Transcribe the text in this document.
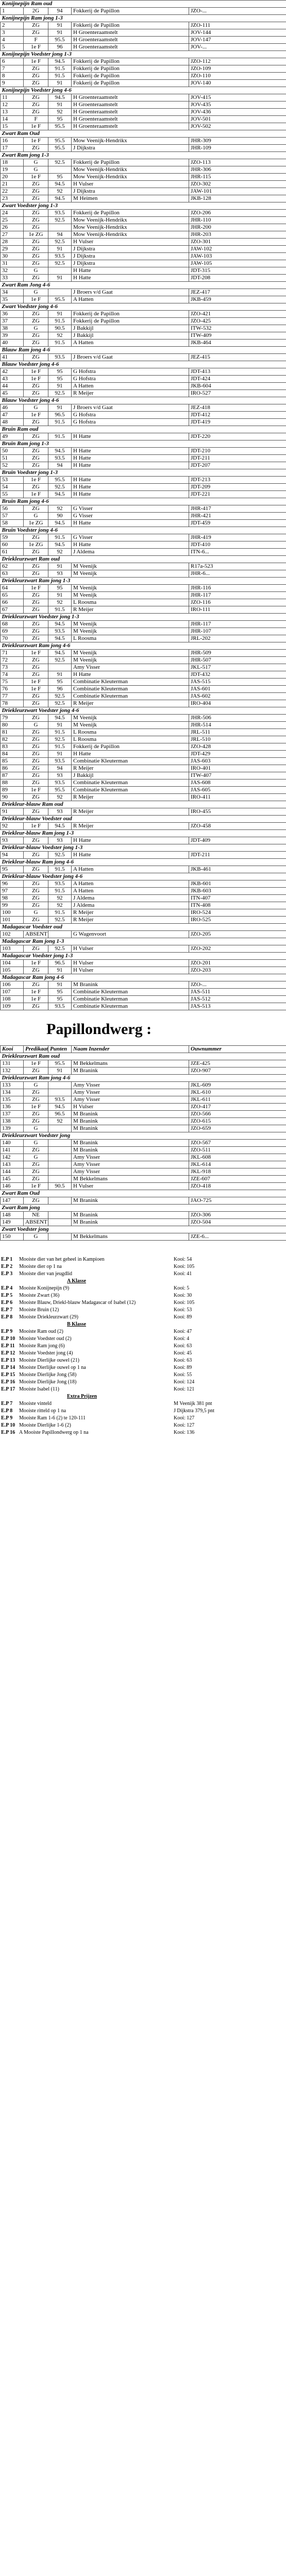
Konijnepijn Ram oud				
1	2G	94	Fokkerij de Papillon	JZO-...
Konijnepijn Ram jong 1-3				
2	ZG	91	Fokkerij de Papillon	JZO-111
3	ZG	91	H Groenteraamstelt	JOV-144
4	F	95.5	H Groenteraamstelt	JOV-147
5	1e F	96	H Groenteraamstelt	JOV-...
Konijnepijn Voedster jong 1-3				
6	1e F	94.5	Fokkerij de Papillon	JZO-112
7	ZG	91.5	Fokkerij de Papillon	JZO-109
8	ZG	91.5	Fokkerij de Papillon	JZO-110
9	ZG	91	Fokkerij de Papillon	JOV-140
Konijnepijn Voedster jong 4-6				
11	ZG	94.5	H Groenteraamstelt	JOV-415
12	ZG	91	H Groenteraamstelt	JOV-435
13	ZG	92	H Groenteraamstelt	JOV-436
14	F	95	H Groenteraamstelt	JOV-501
15	1e F	95.5	H Groenteraamstelt	JOV-502
Zwart Ram Oud				
16	1e F	95.5	Mow Veenijk-Hendrikx	JHR-309
17	ZG	95.5	J Dijkstra	JHR-109
Zwart Ram jong 1-3				
18	G	92.5	Fokkerij de Papillon	JZO-113
19	G		Mow Veenijk-Hendrikx	JHR-306
20	1e F	95	Mow Veenijk-Hendrikx	JHR-115
21	ZG	94.5	H Vulser	JZO-302
22	ZG	92	J Dijkstra	JAW-101
23	ZG	94.5	M Heimen	JKB-128
Zwart Voedster jong 1-3				
24	ZG	93.5	Fokkerij de Papillon	JZO-206
25	ZG	92.5	Mow Veenijk-Hendrikx	JHR-110
26	ZG		Mow Veenijk-Hendrikx	JHR-200
27	1e ZG	94	Mow Veenijk-Hendrikx	JHR-203
28	ZG	92.5	H Vulser	JZO-301
29	ZG	91	J Dijkstra	JAW-102
30	ZG	93.5	J Dijkstra	JAW-103
31	ZG	92.5	J Dijkstra	JAW-105
32	G		H Hatte	JDT-315
33	ZG	91	H Hatte	JDT-208
Zwart Ram Jong 4-6				
34	G		J Broers v/d Gaat	JEZ-417
35	1e F	95.5	A Hatten	JKB-459
Zwart Voedster jong 4-6				
36	ZG	91	Fokkerij de Papillon	JZO-421
37	ZG	91.5	Fokkerij de Papillon	JZO-425
38	G	90.5	J Bakkijl	ITW-532
39	ZG	92	J Bakkijl	ITW-409
40	ZG	91.5	A Hatten	JKB-464
Blauw Ram jong 4-6				
41	ZG	93.5	J Broers v/d Gaat	JEZ-415
Blauw Voedster jong 4-6				
42	1e F	95	G Hofstra	JDT-413
43	1e F	95	G Hofstra	JDT-424
44	ZG	91	A Hatten	JKB-604
45	ZG	92.5	R Meijer	IRO-527
Blauw Voedster jong 4-6				
46	G	91	J Broers v/d Gaat	JEZ-418
47	1e F	96.5	G Hofstra	JDT-412
48	ZG	91.5	G Hofstra	JDT-419
Bruin Ram oud				
49	ZG	91.5	H Hatte	JDT-220
Bruin Ram jong 1-3				
50	ZG	94.5	H Hatte	JDT-210
51	ZG	93.5	H Hatte	JDT-211
52	ZG	94	H Hatte	JDT-207
Bruin Voedster jong 1-3				
53	1e F	95.5	H Hatte	JDT-213
54	ZG	92.5	H Hatte	JDT-209
55	1e F	94.5	H Hatte	JDT-221
Bruin Ram jong 4-6				
56	ZG	92	G Visser	JHR-417
57	G	90	G Visser	JHR-421
58	1e ZG	94.5	H Hatte	JDT-459
Bruin Voedster jong 4-6				
59	ZG	91.5	G Visser	JHR-419
60	1e ZG	94.5	H Hatte	JDT-410
61	ZG	92	J Aldema	ITN-6...
Driekleurzwart Ram oud				
62	ZG	91	M Veenijk	R17a-523
63	ZG	93	M Veenijk	JHR-6...
Driekleurzwart Ram jong 1-3				
64	1e F	95	M Veenijk	JHR-116
65	ZG	91	M Veenijk	JHR-117
66	ZG	92	L Roosma	JZO-116
67	ZG	91.5	R Meijer	IRO-111
Driekleurzwart Voedster jong 1-3				
68	ZG	94.5	M Veenijk	JHR-117
69	ZG	93.5	M Veenijk	JHR-107
70	ZG	94.5	L Roosma	JRL-202
Driekleurzwart Ram jong 4-6				
71	1e F	94.5	M Veenijk	JHR-509
72	ZG	92.5	M Veenijk	JHR-507
73	ZG		Amy Visser	JKL-517
74	ZG	91	H Hatte	JDT-432
75	1e F	95	Combinatie Kleuterman	JAS-515
76	1e F	96	Combinatie Kleuterman	JAS-601
77	ZG	92.5	Combinatie Kleuterman	JAS-602
78	ZG	92.5	R Meijer	IRO-404
Driekleurzwart Voedster jong 4-6				
79	ZG	94.5	M Veenijk	JHR-506
80	G	91	M Veenijk	JHR-514
81	ZG	91.5	L Roosma	JRL-511
82	ZG	92.5	L Roosma	JRL-510
83	ZG	91.5	Fokkerij de Papillon	JZO-428
84	ZG	91	H Hatte	JDT-429
85	ZG	93.5	Combinatie Kleuterman	JAS-603
86	ZG	94	R Meijer	IRO-401
87	ZG	93	J Bakkijl	ITW-407
88	ZG	93.5	Combinatie Kleuterman	JAS-608
89	1e F	95.5	Combinatie Kleuterman	JAS-605
90	ZG	92	R Meijer	IRO-411
Driekleur-blauw Ram oud				
91	ZG	93	R Meijer	IRO-455
Driekleur-blauw Voedster oud				
92	1e F	94.5	R Meijer	JZO-458
Driekleur-blauw Ram jong 1-3				
93	ZG	93	H Hatte	JDT-409
Driekleur-blauw Voedster jong 1-3				
94	ZG	92.5	H Hatte	JDT-211
Driekleur-blauw Ram jong 4-6				
95	ZG	91.5	A Hatten	JKB-461
Driekleur-blauw Voedster jong 4-6				
96	ZG	93.5	A Hatten	JKB-601
97	ZG	91.5	A Hatten	JKB-603
98	ZG	92	J Aldema	ITN-407
99	ZG	92	J Aldema	ITN-408
100	G	91.5	R Meijer	IRO-524
101	ZG	92.5	R Meijer	IRO-525
Madagascar Voedster oud				
102	ABSENT		G Wagenvoort	JZO-205
Madagascar Ram jong 1-3				
103	ZG	92.5	H Vulser	JZO-202
Madagascar Voedster jong 1-3				
104	1e F	96.5	H Vulser	JZO-201
105	ZG	91	H Vulser	JZO-203
Madagascar Ram jong 4-6				
106	ZG	91	M Branink	JZO-...
107	1e F	95	Combinatie Kleuterman	JAS-511
108	1e F	95	Combinatie Kleuterman	JAS-512
109	ZG	93.5	Combinatie Kleuterman	JAS-513
Papillondwerg :
Kooi	Predikaat	Punten	Naam Inzender	Ouwnummer
Driekleurzwart Ram oud				
131	1e F	95.5	M Bekkelmans	JZE-425
132	ZG	91	M Branink	JZO-907
Driekleurzwart Ram jong 4-6				
133	G		Amy Visser	JKL-609
134	ZG		Amy Visser	JKL-610
135	ZG	93.5	Amy Visser	JKL-611
136	1e F	94.5	H Vulser	JZO-417
137	ZG	96.5	M Branink	JZO-566
138	ZG	92	M Branink	JZO-615
139	G		M Branink	JZO-659
Driekleurzwart Voedster jong				
140	G		M Branink	JZO-567
141	ZG		M Branink	JZO-511
142	G		Amy Visser	JKL-608
143	ZG		Amy Visser	JKL-614
144	ZG		Amy Visser	JKL-918
145	ZG		M Bekkelmans	JZE-607
146	1e F	90.5	H Vulser	JZO-418
Zwart Ram Oud				
147	ZG		M Branink	JAO-725
Zwart Ram jong				
148	NE		M Branink	JZO-306
149	ABSENT		M Branink	JZO-504
Zwart Voedster jong				
150	G		M Bekkelmans	JZE-6...
E.P 1	Mooiste dier van het geheel in Kampioen	Kooi: 54
E.P 2	Mooiste dier op 1 na	Kooi: 105
E.P 3	Mooiste dier van jeugdlid	Kooi: 41
A Klasse
E.P 4	Mooiste Konijnepijn (9)	Kooi: 5
E.P 5	Mooiste Zwart (36)	Kooi: 30
E.P 6	Mooiste Blauw, Driekl-blauw Madagascar of Isabel (12)	Kooi: 105
E.P 7	Mooiste Bruin (12)	Kooi: 53
E.P 8	Mooiste Driekleurzwart (29)	Kooi: 89
B Klasse
E.P 9	Mooiste Ram oud (2)	Kooi: 47
E.P 10 Mooiste Voedster oud (2)	Kooi: 4
E.P 11 Mooiste Ram jong (6)	Kooi: 63
E.P 12 Mooiste Voedster jong (4)	Kooi: 45
E.P 13 Mooiste Dierlijke ouwel (21)	Kooi: 63
E.P 14 Mooiste Dierlijke ouwel op 1 na	Kooi: 89
E.P 15 Mooiste Dierlijke Jong (58)	Kooi: 55
E.P 16 Mooiste Dierlijke Jong (18)	Kooi: 124
E.P 17 Mooiste Isabel (11)	Kooi: 121
Extra Prijzen
E.P 7	Mooiste vinteld	M Veenijk 381 pnt
E.P 8	Mooiste ritteld op 1 na	J Dijkstra 379,5 pnt
E.P 9	Mooiste Ram 1-6 (2) te 120-111	Kooi: 127
E.P 10 Mooiste Dierlijke 1-6 (2)	Kooi: 127
E.P 16 A Mooiste Papillondwerg op 1 na	Kooi: 136
